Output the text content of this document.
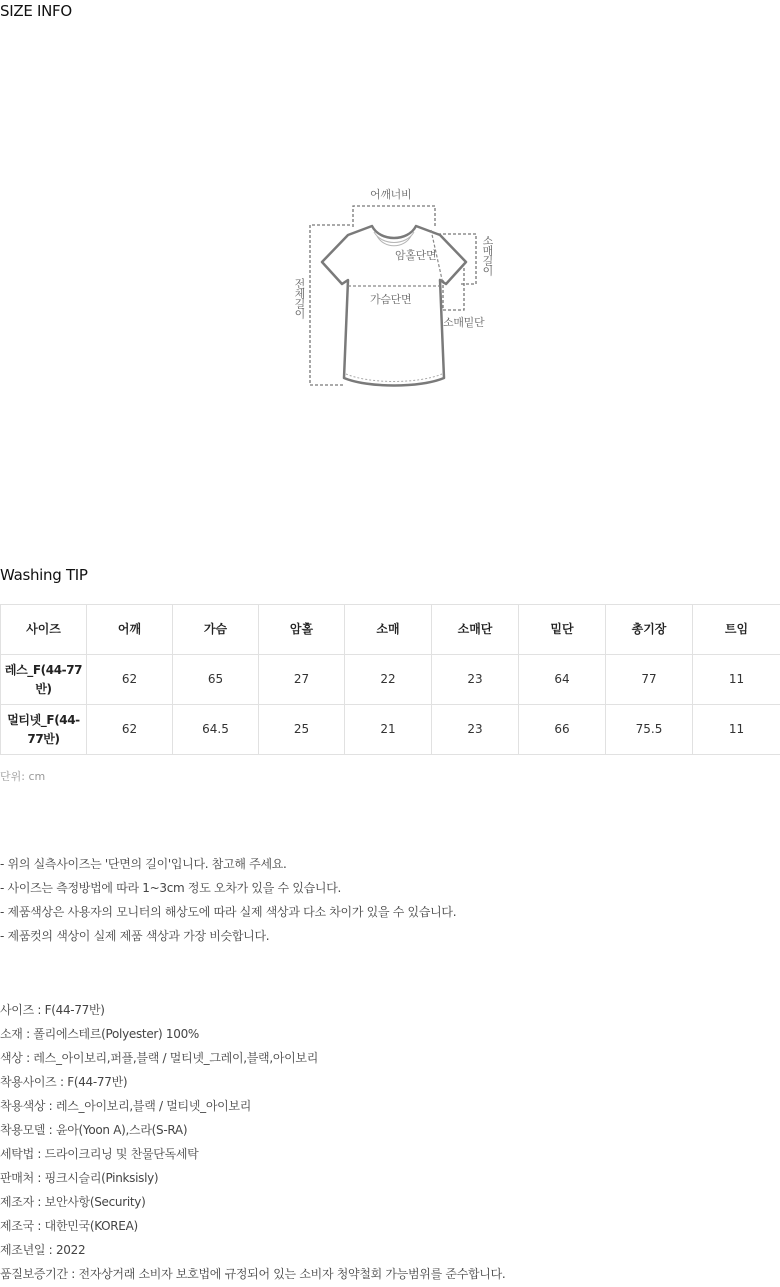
SIZE INFO
어깨너비
암홀단면
가슴단면
소매길이
소매밑단
전체길이
Washing TIP
사이즈	어깨	가슴	암홀	소매	소매단	밑단	총기장	트임
레스_F(44-77반)	62	65	27	22	23	64	77	11
멀티넷_F(44-77반)	62	64.5	25	21	23	66	75.5	11

단위: cm

- 위의 실측사이즈는 '단면의 길이'입니다. 참고해 주세요.
- 사이즈는 측정방법에 따라 1~3cm 정도 오차가 있을 수 있습니다.
- 제품색상은 사용자의 모니터의 해상도에 따라 실제 색상과 다소 차이가 있을 수 있습니다.
- 제품컷의 색상이 실제 제품 색상과 가장 비슷합니다.
사이즈 : F(44-77반)
소재 : 폴리에스테르(Polyester) 100%
색상 : 레스_아이보리,퍼플,블랙 / 멀티넷_그레이,블랙,아이보리
착용사이즈 : F(44-77반)
착용색상 : 레스_아이보리,블랙 / 멀티넷_아이보리
착용모델 : 윤아(Yoon A),스라(S-RA)
세탁법 : 드라이크리닝 및 찬물단독세탁
판매처 : 핑크시슬리(Pinksisly)
제조자 : 보안사항(Security)
제조국 : 대한민국(KOREA)
제조년일 : 2022
품질보증기간 : 전자상거래 소비자 보호법에 규정되어 있는 소비자 청약철회 가능범위를 준수합니다.
